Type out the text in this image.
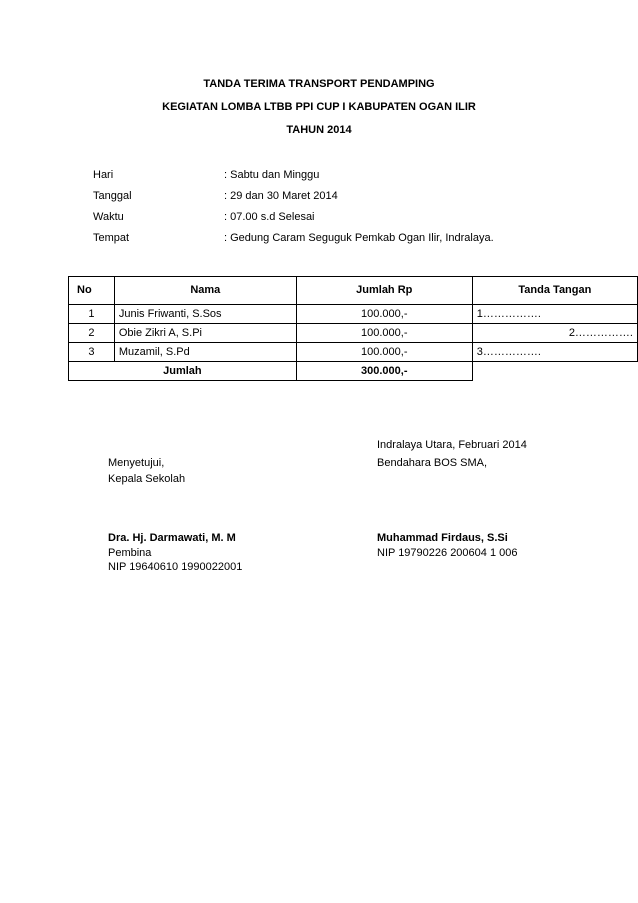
TANDA TERIMA TRANSPORT PENDAMPING
KEGIATAN LOMBA LTBB PPI CUP I KABUPATEN OGAN ILIR
TAHUN 2014
Hari	: Sabtu dan Minggu
Tanggal	: 29 dan 30 Maret 2014
Waktu	: 07.00 s.d Selesai
Tempat	: Gedung Caram Seguguk Pemkab Ogan Ilir, Indralaya.
No	Nama	Jumlah Rp	Tanda Tangan
1	Junis Friwanti, S.Sos	100.000,-	1…………….
2	Obie Zikri A, S.Pi	100.000,-	2…………….
3	Muzamil, S.Pd	100.000,-	3…………….
Jumlah		300.000,-	
Indralaya Utara, Februari 2014
Menyetujui,
Kepala Sekolah
Bendahara BOS SMA,
Dra. Hj. Darmawati, M. M
Pembina
NIP 19640610 1990022001
Muhammad Firdaus, S.Si
NIP 19790226 200604 1 006
